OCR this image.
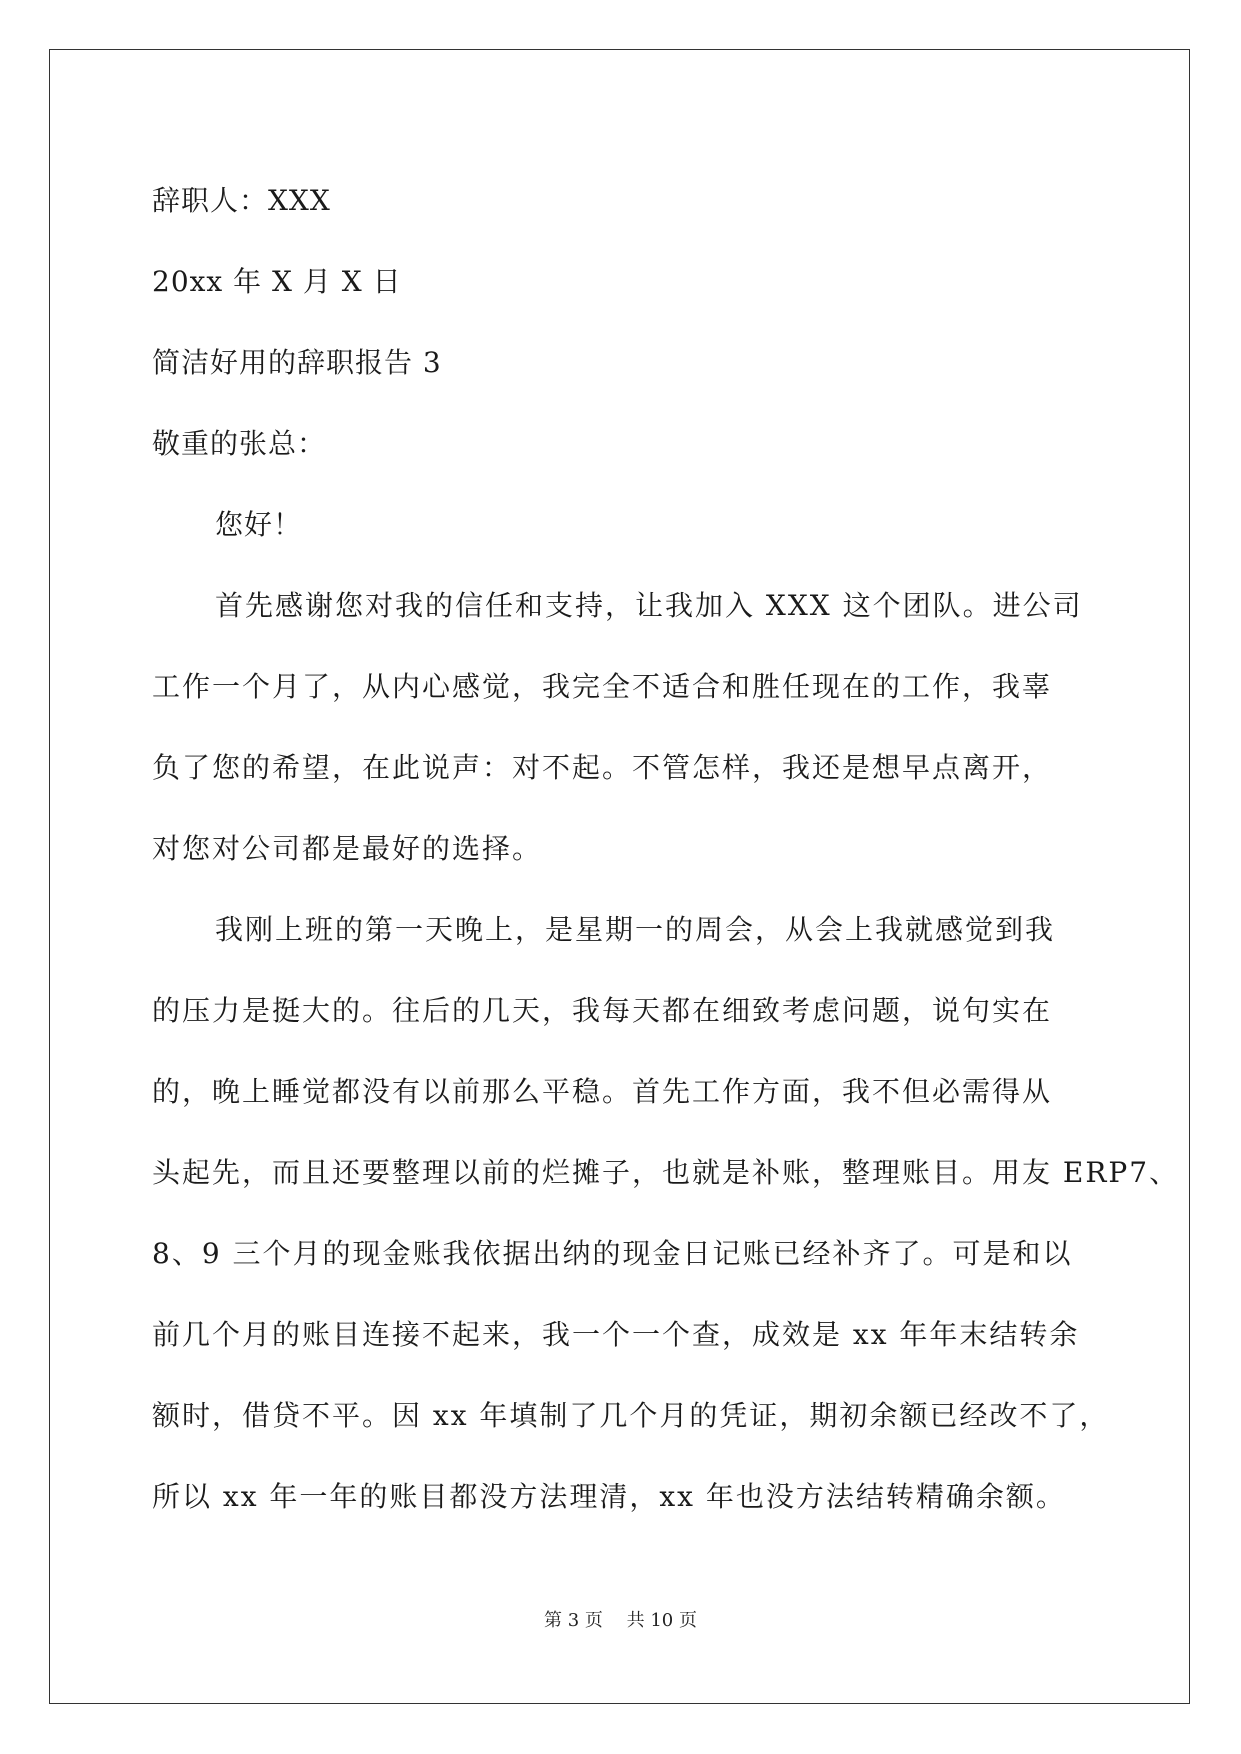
辞职人：XXX
20xx 年 X 月 X 日
简洁好用的辞职报告 3
敬重的张总：
您好！
首先感谢您对我的信任和支持，让我加入 XXX 这个团队。进公司
工作一个月了，从内心感觉，我完全不适合和胜任现在的工作，我辜
负了您的希望，在此说声：对不起。不管怎样，我还是想早点离开，
对您对公司都是最好的选择。
我刚上班的第一天晚上，是星期一的周会，从会上我就感觉到我
的压力是挺大的。往后的几天，我每天都在细致考虑问题，说句实在
的，晚上睡觉都没有以前那么平稳。首先工作方面，我不但必需得从
头起先，而且还要整理以前的烂摊子，也就是补账，整理账目。用友 ERP7、
8、9 三个月的现金账我依据出纳的现金日记账已经补齐了。可是和以
前几个月的账目连接不起来，我一个一个查，成效是 xx 年年末结转余
额时，借贷不平。因 xx 年填制了几个月的凭证，期初余额已经改不了，
所以 xx 年一年的账目都没方法理清，xx 年也没方法结转精确余额。
第 3 页　 共 10 页
